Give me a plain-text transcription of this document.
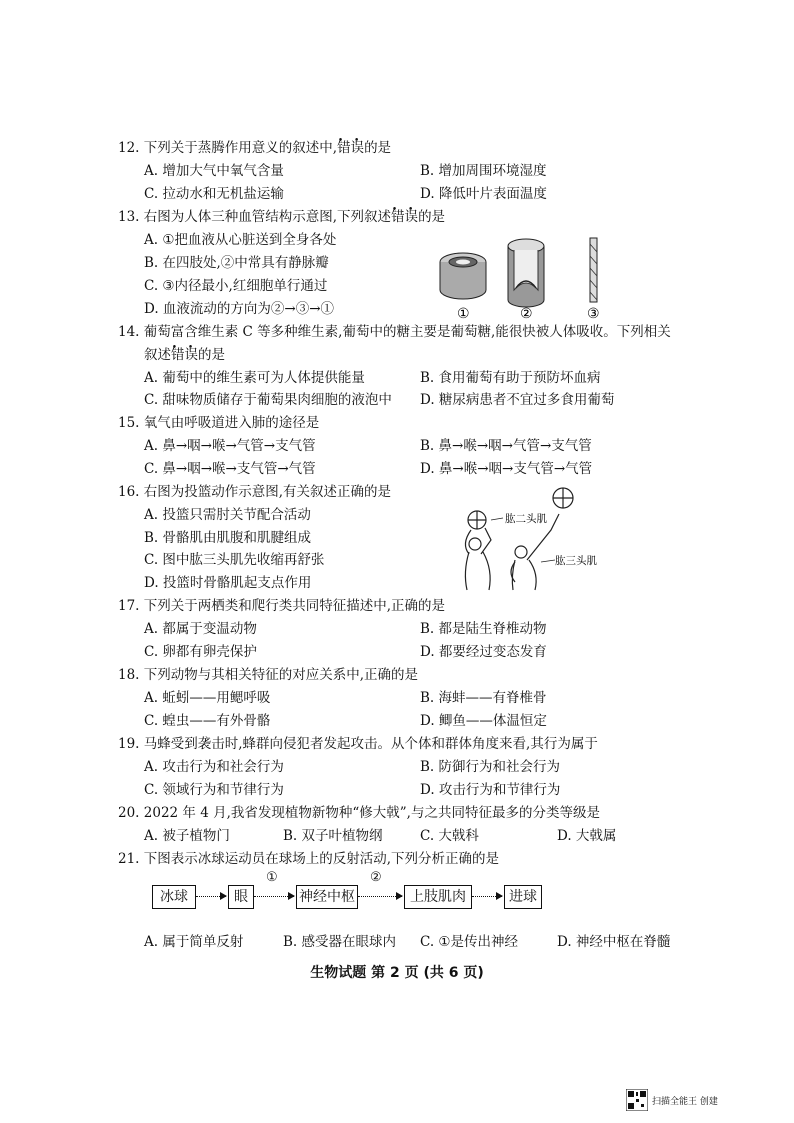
12. 下列关于蒸腾作用意义的叙述中,错误 • •的是
A. 增加大气中氧气含量	B. 增加周围环境湿度
C. 拉动水和无机盐运输	D. 降低叶片表面温度
13. 右图为人体三种血管结构示意图,下列叙述错误 • •的是
A. ①把血液从心脏送到全身各处
B. 在四肢处,②中常具有静脉瓣
C. ③内径最小,红细胞单行通过
D. 血液流动的方向为②→③→①	①	②	③
14. 葡萄富含维生素 C 等多种维生素,葡萄中的糖主要是葡萄糖,能很快被人体吸收。下列相关
叙述错误 • •的是
A. 葡萄中的维生素可为人体提供能量	B. 食用葡萄有助于预防坏血病
C. 甜味物质储存于葡萄果肉细胞的液泡中 D. 糖尿病患者不宜过多食用葡萄
15. 氧气由呼吸道进入肺的途径是
A. 鼻→咽→喉→气管→支气管	B. 鼻→喉→咽→气管→支气管
C. 鼻→咽→喉→支气管→气管	D. 鼻→喉→咽→支气管→气管
16. 右图为投篮动作示意图,有关叙述正确的是
A. 投篮只需肘关节配合活动
B. 骨骼肌由肌腹和肌腱组成
C. 图中肱三头肌先收缩再舒张
D. 投篮时骨骼肌起支点作用
肱二头肌
肱三头肌
17. 下列关于两栖类和爬行类共同特征描述中,正确的是
A. 都属于变温动物	B. 都是陆生脊椎动物
C. 卵都有卵壳保护	D. 都要经过变态发育
18. 下列动物与其相关特征的对应关系中,正确的是
A. 蚯蚓——用鳃呼吸	B. 海蚌——有脊椎骨
C. 蝗虫——有外骨骼	D. 鲫鱼——体温恒定
19. 马蜂受到袭击时,蜂群向侵犯者发起攻击。从个体和群体角度来看,其行为属于
A. 攻击行为和社会行为	B. 防御行为和社会行为
C. 领域行为和节律行为	D. 攻击行为和节律行为
20. 2022 年 4 月,我省发现植物新物种“修大戟”,与之共同特征最多的分类等级是
A. 被子植物门	B. 双子叶植物纲	C. 大戟科	D. 大戟属
21. 下图表示冰球运动员在球场上的反射活动,下列分析正确的是
冰球	眼
①
神经中枢
②
上肢肌肉	进球
A. 属于简单反射	B. 感受器在眼球内 C. ①是传出神经	D. 神经中枢在脊髓
生物试题 第 2 页 (共 6 页)
扫描全能王 创建
